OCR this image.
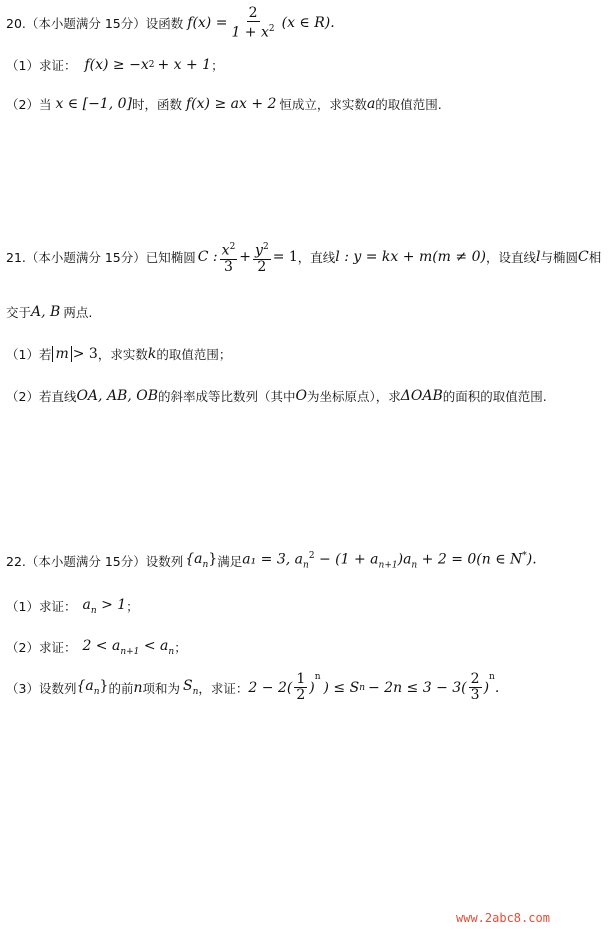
20.（本小题满分 15分）设函数 $f(x) = \frac{2}{1 + x^2} (x$ ∈ R).
（1）求证： f(x) ≥ −x 2 + x + 1 ；
（2）当 x ∈ [−1, 0] 时，函数 f(x) ≥ ax + 2 恒成立，求实数 a 的取值范围.
21.（本小题满分 15分）已知椭圆 C : $\frac{x^2}{3} + \frac{y^2}{2} = 1$ ，直线 l : y = kx + m(m ≠ 0) ，设直线 l 与椭圆 C 相
交于 A, B 两点.
（1）若 m > 3 ，求实数 k 的取值范围；
（2）若直线 OA, AB, OB 的斜率成等比数列（其中 O 为坐标原点），求 ΔOAB 的面积的取值范围.
22.（本小题满分 15分）设数列 $\{a_n\}$ 满足 a₁ = 3, $a_n^2 - (1 + a_{n+1})a_n + 2 = 0(n$ ∈ N*).
（1）求证： $a_n > 1$ ；
（2）求证： $2 < a_{n+1} < a_n$ ；
（3）设数列 $\{a_n\}$ 的前 n 项和为 $S_n$ ，求证： $2 - 2( \frac{1}{2}$ )
n
) ≤ S $n - 2n \le 3 - 3( \frac{2}{3}$ )
n
.
www.2abc8.com
